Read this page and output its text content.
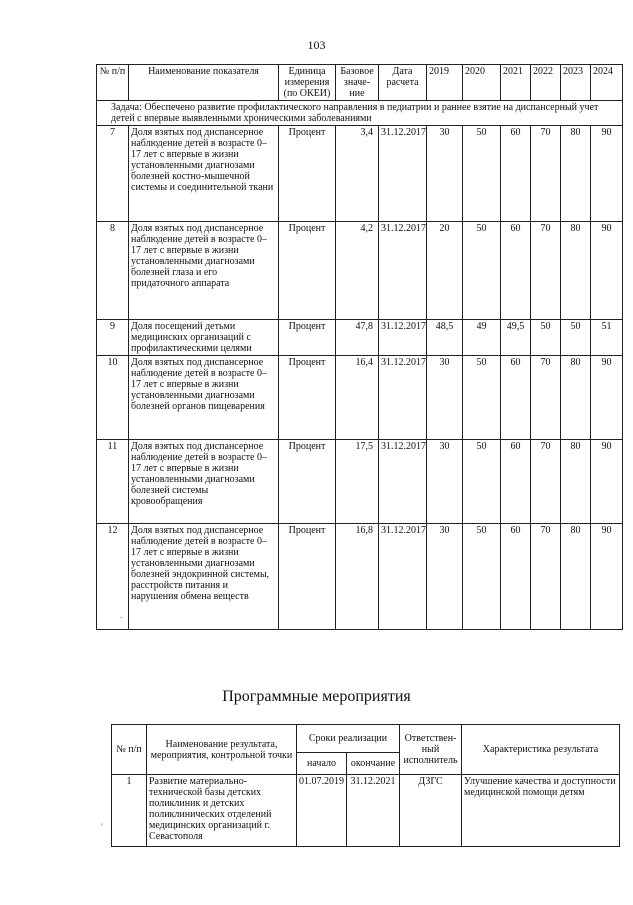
103
№ п/п	Наименование показателя	Единица измерения (по ОКЕИ)	Базовое значе-ние	Дата расчета	2019	2020	2021	2022	2023	2024
Задача: Обеспечено развитие профилактического направления в педиатрии и раннее взятие на диспансерный учет детей с впервые выявленными хроническими заболеваниями										
7	Доля взятых под диспансерное наблюдение детей в возрасте 0–17 лет с впервые в жизни установленными диагнозами болезней костно-мышечной системы и соединительной ткани	Процент	3,4	31.12.2017	30	50	60	70	80	90
8	Доля взятых под диспансерное наблюдение детей в возрасте 0–17 лет с впервые в жизни установленными диагнозами болезней глаза и его придаточного аппарата	Процент	4,2	31.12.2017	20	50	60	70	80	90
9	Доля посещений детьми медицинских организаций с профилактическими целями	Процент	47,8	31.12.2017	48,5	49	49,5	50	50	51
10	Доля взятых под диспансерное наблюдение детей в возрасте 0–17 лет с впервые в жизни установленными диагнозами болезней органов пищеварения	Процент	16,4	31.12.2017	30	50	60	70	80	90
11	Доля взятых под диспансерное наблюдение детей в возрасте 0–17 лет с впервые в жизни установленными диагнозами болезней системы кровообращения	Процент	17,5	31.12.2017	30	50	60	70	80	90
12	Доля взятых под диспансерное наблюдение детей в возрасте 0–17 лет с впервые в жизни установленными диагнозами болезней эндокринной системы, расстройств питания и нарушения обмена веществ	Процент	16,8	31.12.2017	30	50	60	70	80	90
.
Программные мероприятия
№ п/п	Наименование результата, мероприятия, контрольной точки	Сроки реализации		Ответствен-ный исполнитель	Характеристика результата
		начало	окончание		
1	Развитие материально-технической базы детских поликлиник и детских поликлинических отделений медицинских организаций г. Севастополя	01.07.2019	31.12.2021	ДЗГС	Улучшение качества и доступности медицинской помощи детям
'
